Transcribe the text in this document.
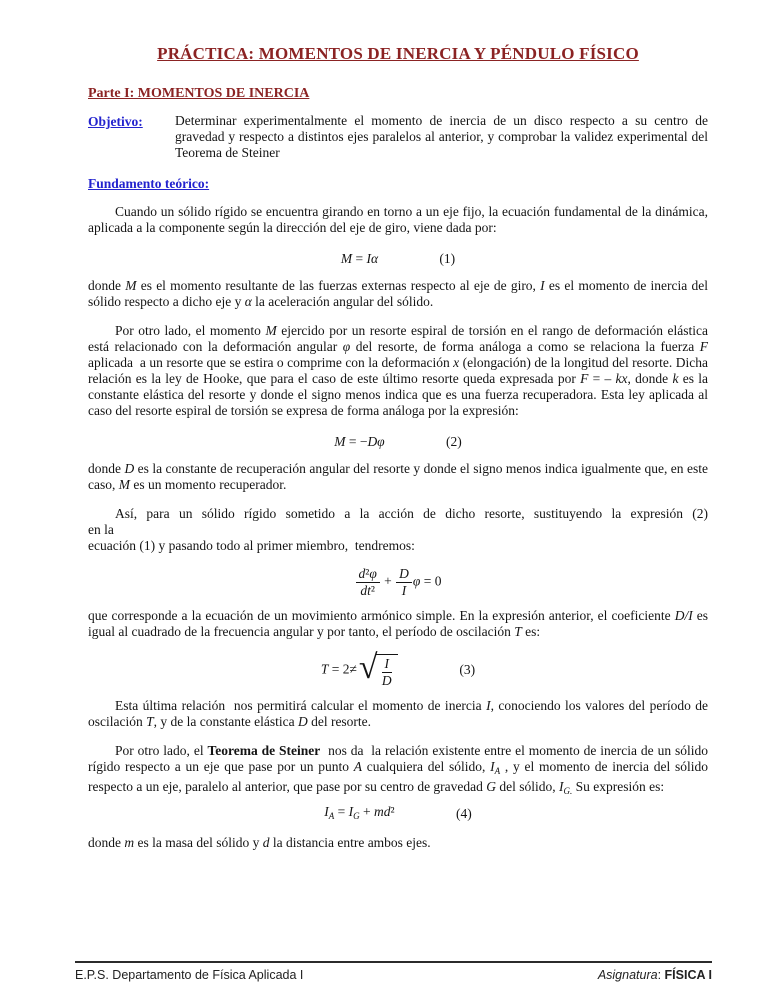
PRÁCTICA: MOMENTOS DE INERCIA Y PÉNDULO FÍSICO
Parte I: MOMENTOS DE INERCIA
Objetivo:	Determinar experimentalmente el momento de inercia de un disco respecto a su centro de gravedad y respecto a distintos ejes paralelos al anterior, y comprobar la validez experimental del Teorema de Steiner
Fundamento teórico:

Cuando un sólido rígido se encuentra girando en torno a un eje fijo, la ecuación fundamental de la dinámica, aplicada a la componente según la dirección del eje de giro, viene dada por:

M = Iα	(1)

donde M es el momento resultante de las fuerzas externas respecto al eje de giro, I es el momento de inercia del sólido respecto a dicho eje y α la aceleración angular del sólido.

Por otro lado, el momento M ejercido por un resorte espiral de torsión en el rango de deformación elástica está relacionado con la deformación angular φ del resorte, de forma análoga a como se relaciona la fuerza F aplicada  a un resorte que se estira o comprime con la deformación x (elongación) de la longitud del resorte. Dicha relación es la ley de Hooke, que para el caso de este último resorte queda expresada por F = – kx, donde k es la constante elástica del resorte y donde el signo menos indica que es una fuerza recuperadora. Esta ley aplicada al caso del resorte espiral de torsión se expresa de forma análoga por la expresión:

M = −Dφ	(2)

donde D es la constante de recuperación angular del resorte y donde el signo menos indica igualmente que, en este caso, M es un momento recuperador.

Así, para un sólido rígido sometido a la acción de dicho resorte, sustituyendo la expresión (2)
en la
ecuación (1) y pasando todo al primer miembro,  tendremos:
$\frac{\text{d²φ}}{\text{dt²}} + \frac{D}{I}$ φ = 0

que corresponde a la ecuación de un movimiento armónico simple. En la expresión anterior, el coeficiente D/I es igual al cuadrado de la frecuencia angular y por tanto, el período de oscilación T es:

T = 2≠ √ $\frac{I}{D}$	(3)

Esta última relación  nos permitirá calcular el momento de inercia I, conociendo los valores del período de oscilación T, y de la constante elástica D del resorte.

Por otro lado, el Teorema de Steiner  nos da  la relación existente entre el momento de inercia de un sólido rígido respecto a un eje que pase por un punto A cualquiera del sólido, $I_A$ , y el momento de inercia del sólido respecto a un eje, paralelo al anterior, que pase por su centro de gravedad G del sólido, $I_{G.}$ Su expresión es:

$I_A = I_G + md^2$	(4)

donde m es la masa del sólido y d la distancia entre ambos ejes.

E.P.S. Departamento de Física Aplicada I	Asignatura: FÍSICA I
